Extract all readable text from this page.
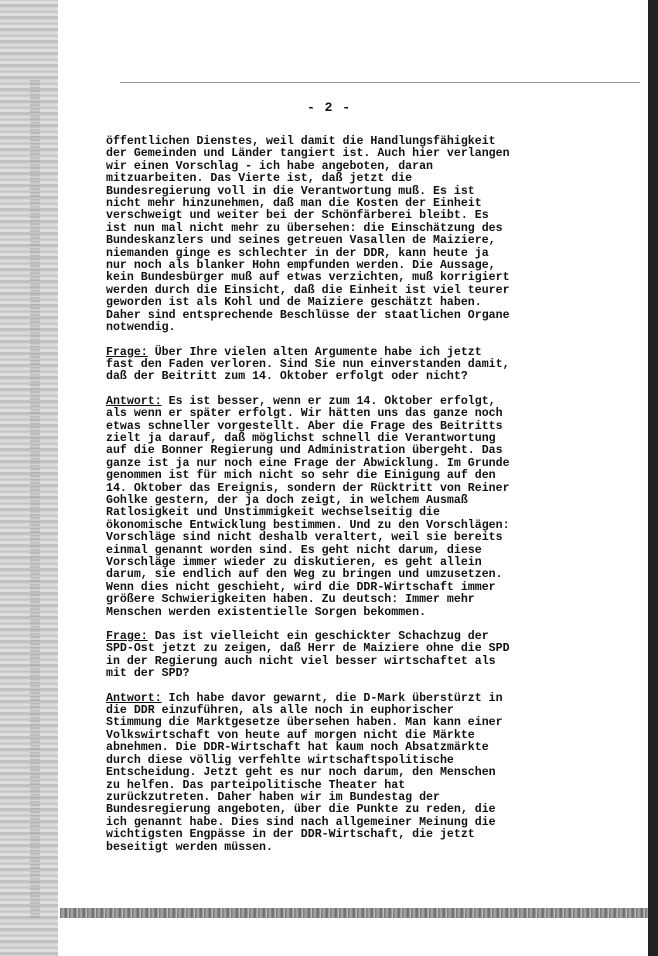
- 2 -

öffentlichen Dienstes, weil damit die Handlungsfähigkeit
der Gemeinden und Länder tangiert ist. Auch hier verlangen
wir einen Vorschlag - ich habe angeboten, daran
mitzuarbeiten. Das Vierte ist, daß jetzt die
Bundesregierung voll in die Verantwortung muß. Es ist
nicht mehr hinzunehmen, daß man die Kosten der Einheit
verschweigt und weiter bei der Schönfärberei bleibt. Es
ist nun mal nicht mehr zu übersehen: die Einschätzung des
Bundeskanzlers und seines getreuen Vasallen de Maiziere,
niemanden ginge es schlechter in der DDR, kann heute ja
nur noch als blanker Hohn empfunden werden. Die Aussage,
kein Bundesbürger muß auf etwas verzichten, muß korrigiert
werden durch die Einsicht, daß die Einheit ist viel teurer
geworden ist als Kohl und de Maiziere geschätzt haben.
Daher sind entsprechende Beschlüsse der staatlichen Organe
notwendig.

Frage: Über Ihre vielen alten Argumente habe ich jetzt
fast den Faden verloren. Sind Sie nun einverstanden damit,
daß der Beitritt zum 14. Oktober erfolgt oder nicht?

Antwort: Es ist besser, wenn er zum 14. Oktober erfolgt,
als wenn er später erfolgt. Wir hätten uns das ganze noch
etwas schneller vorgestellt. Aber die Frage des Beitritts
zielt ja darauf, daß möglichst schnell die Verantwortung
auf die Bonner Regierung und Administration übergeht. Das
ganze ist ja nur noch eine Frage der Abwicklung. Im Grunde
genommen ist für mich nicht so sehr die Einigung auf den
14. Oktober das Ereignis, sondern der Rücktritt von Reiner
Gohlke gestern, der ja doch zeigt, in welchem Ausmaß
Ratlosigkeit und Unstimmigkeit wechselseitig die
ökonomische Entwicklung bestimmen. Und zu den Vorschlägen:
Vorschläge sind nicht deshalb veraltert, weil sie bereits
einmal genannt worden sind. Es geht nicht darum, diese
Vorschläge immer wieder zu diskutieren, es geht allein
darum, sie endlich auf den Weg zu bringen und umzusetzen.
Wenn dies nicht geschieht, wird die DDR-Wirtschaft immer
größere Schwierigkeiten haben. Zu deutsch: Immer mehr
Menschen werden existentielle Sorgen bekommen.

Frage: Das ist vielleicht ein geschickter Schachzug der
SPD-Ost jetzt zu zeigen, daß Herr de Maiziere ohne die SPD
in der Regierung auch nicht viel besser wirtschaftet als
mit der SPD?

Antwort: Ich habe davor gewarnt, die D-Mark überstürzt in
die DDR einzuführen, als alle noch in euphorischer
Stimmung die Marktgesetze übersehen haben. Man kann einer
Volkswirtschaft von heute auf morgen nicht die Märkte
abnehmen. Die DDR-Wirtschaft hat kaum noch Absatzmärkte
durch diese völlig verfehlte wirtschaftspolitische
Entscheidung. Jetzt geht es nur noch darum, den Menschen
zu helfen. Das parteipolitische Theater hat
zurückzutreten. Daher haben wir im Bundestag der
Bundesregierung angeboten, über die Punkte zu reden, die
ich genannt habe. Dies sind nach allgemeiner Meinung die
wichtigsten Engpässe in der DDR-Wirtschaft, die jetzt
beseitigt werden müssen.
